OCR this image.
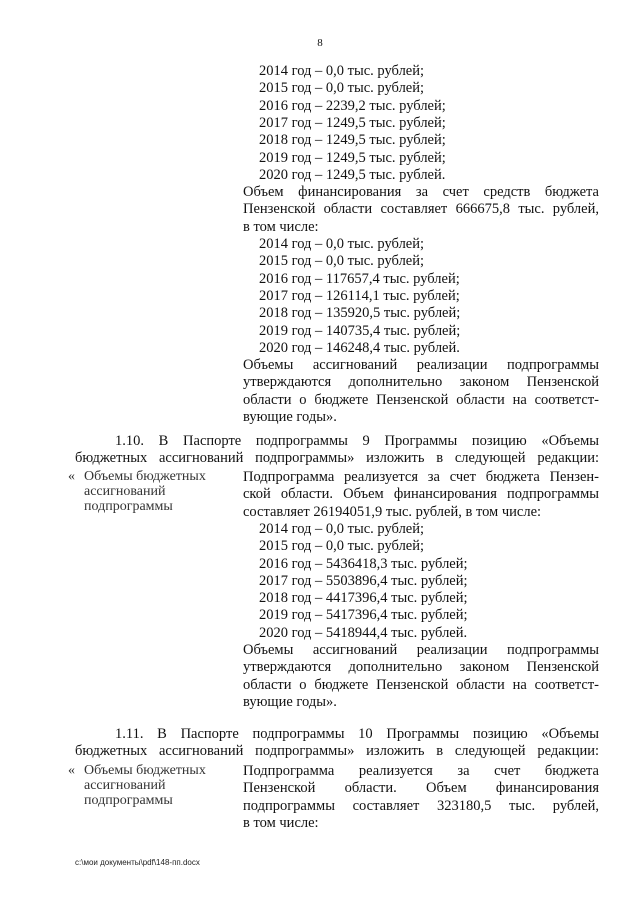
8
2014 год – 0,0 тыс. рублей;
2015 год – 0,0 тыс. рублей;
2016 год – 2239,2 тыс. рублей;
2017 год – 1249,5 тыс. рублей;
2018 год – 1249,5 тыс. рублей;
2019 год – 1249,5 тыс. рублей;
2020 год – 1249,5 тыс. рублей.
Объем финансирования за счет средств бюджета
Пензенской области составляет 666675,8 тыс. рублей,
в том числе:
2014 год – 0,0 тыс. рублей;
2015 год – 0,0 тыс. рублей;
2016 год – 117657,4 тыс. рублей;
2017 год – 126114,1 тыс. рублей;
2018 год – 135920,5 тыс. рублей;
2019 год – 140735,4 тыс. рублей;
2020 год – 146248,4 тыс. рублей.
Объемы ассигнований реализации подпрограммы
утверждаются дополнительно законом Пензенской
области о бюджете Пензенской области на соответст-
вующие годы».
1.10. В Паспорте подпрограммы 9 Программы позицию «Объемы
бюджетных ассигнований подпрограммы» изложить в следующей редакции:
« Объемы бюджетных
ассигнований
подпрограммы
Подпрограмма реализуется за счет бюджета Пензен-
ской области. Объем финансирования подпрограммы
составляет 26194051,9 тыс. рублей, в том числе:
2014 год – 0,0 тыс. рублей;
2015 год – 0,0 тыс. рублей;
2016 год – 5436418,3 тыс. рублей;
2017 год – 5503896,4 тыс. рублей;
2018 год – 4417396,4 тыс. рублей;
2019 год – 5417396,4 тыс. рублей;
2020 год – 5418944,4 тыс. рублей.
Объемы ассигнований реализации подпрограммы
утверждаются дополнительно законом Пензенской
области о бюджете Пензенской области на соответст-
вующие годы».
1.11. В Паспорте подпрограммы 10 Программы позицию «Объемы
бюджетных ассигнований подпрограммы» изложить в следующей редакции:
« Объемы бюджетных
ассигнований
подпрограммы
Подпрограмма реализуется за счет бюджета
Пензенской области. Объем финансирования
подпрограммы составляет 323180,5 тыс. рублей,
в том числе:
c:\мои документы\pdf\148-пп.docx
